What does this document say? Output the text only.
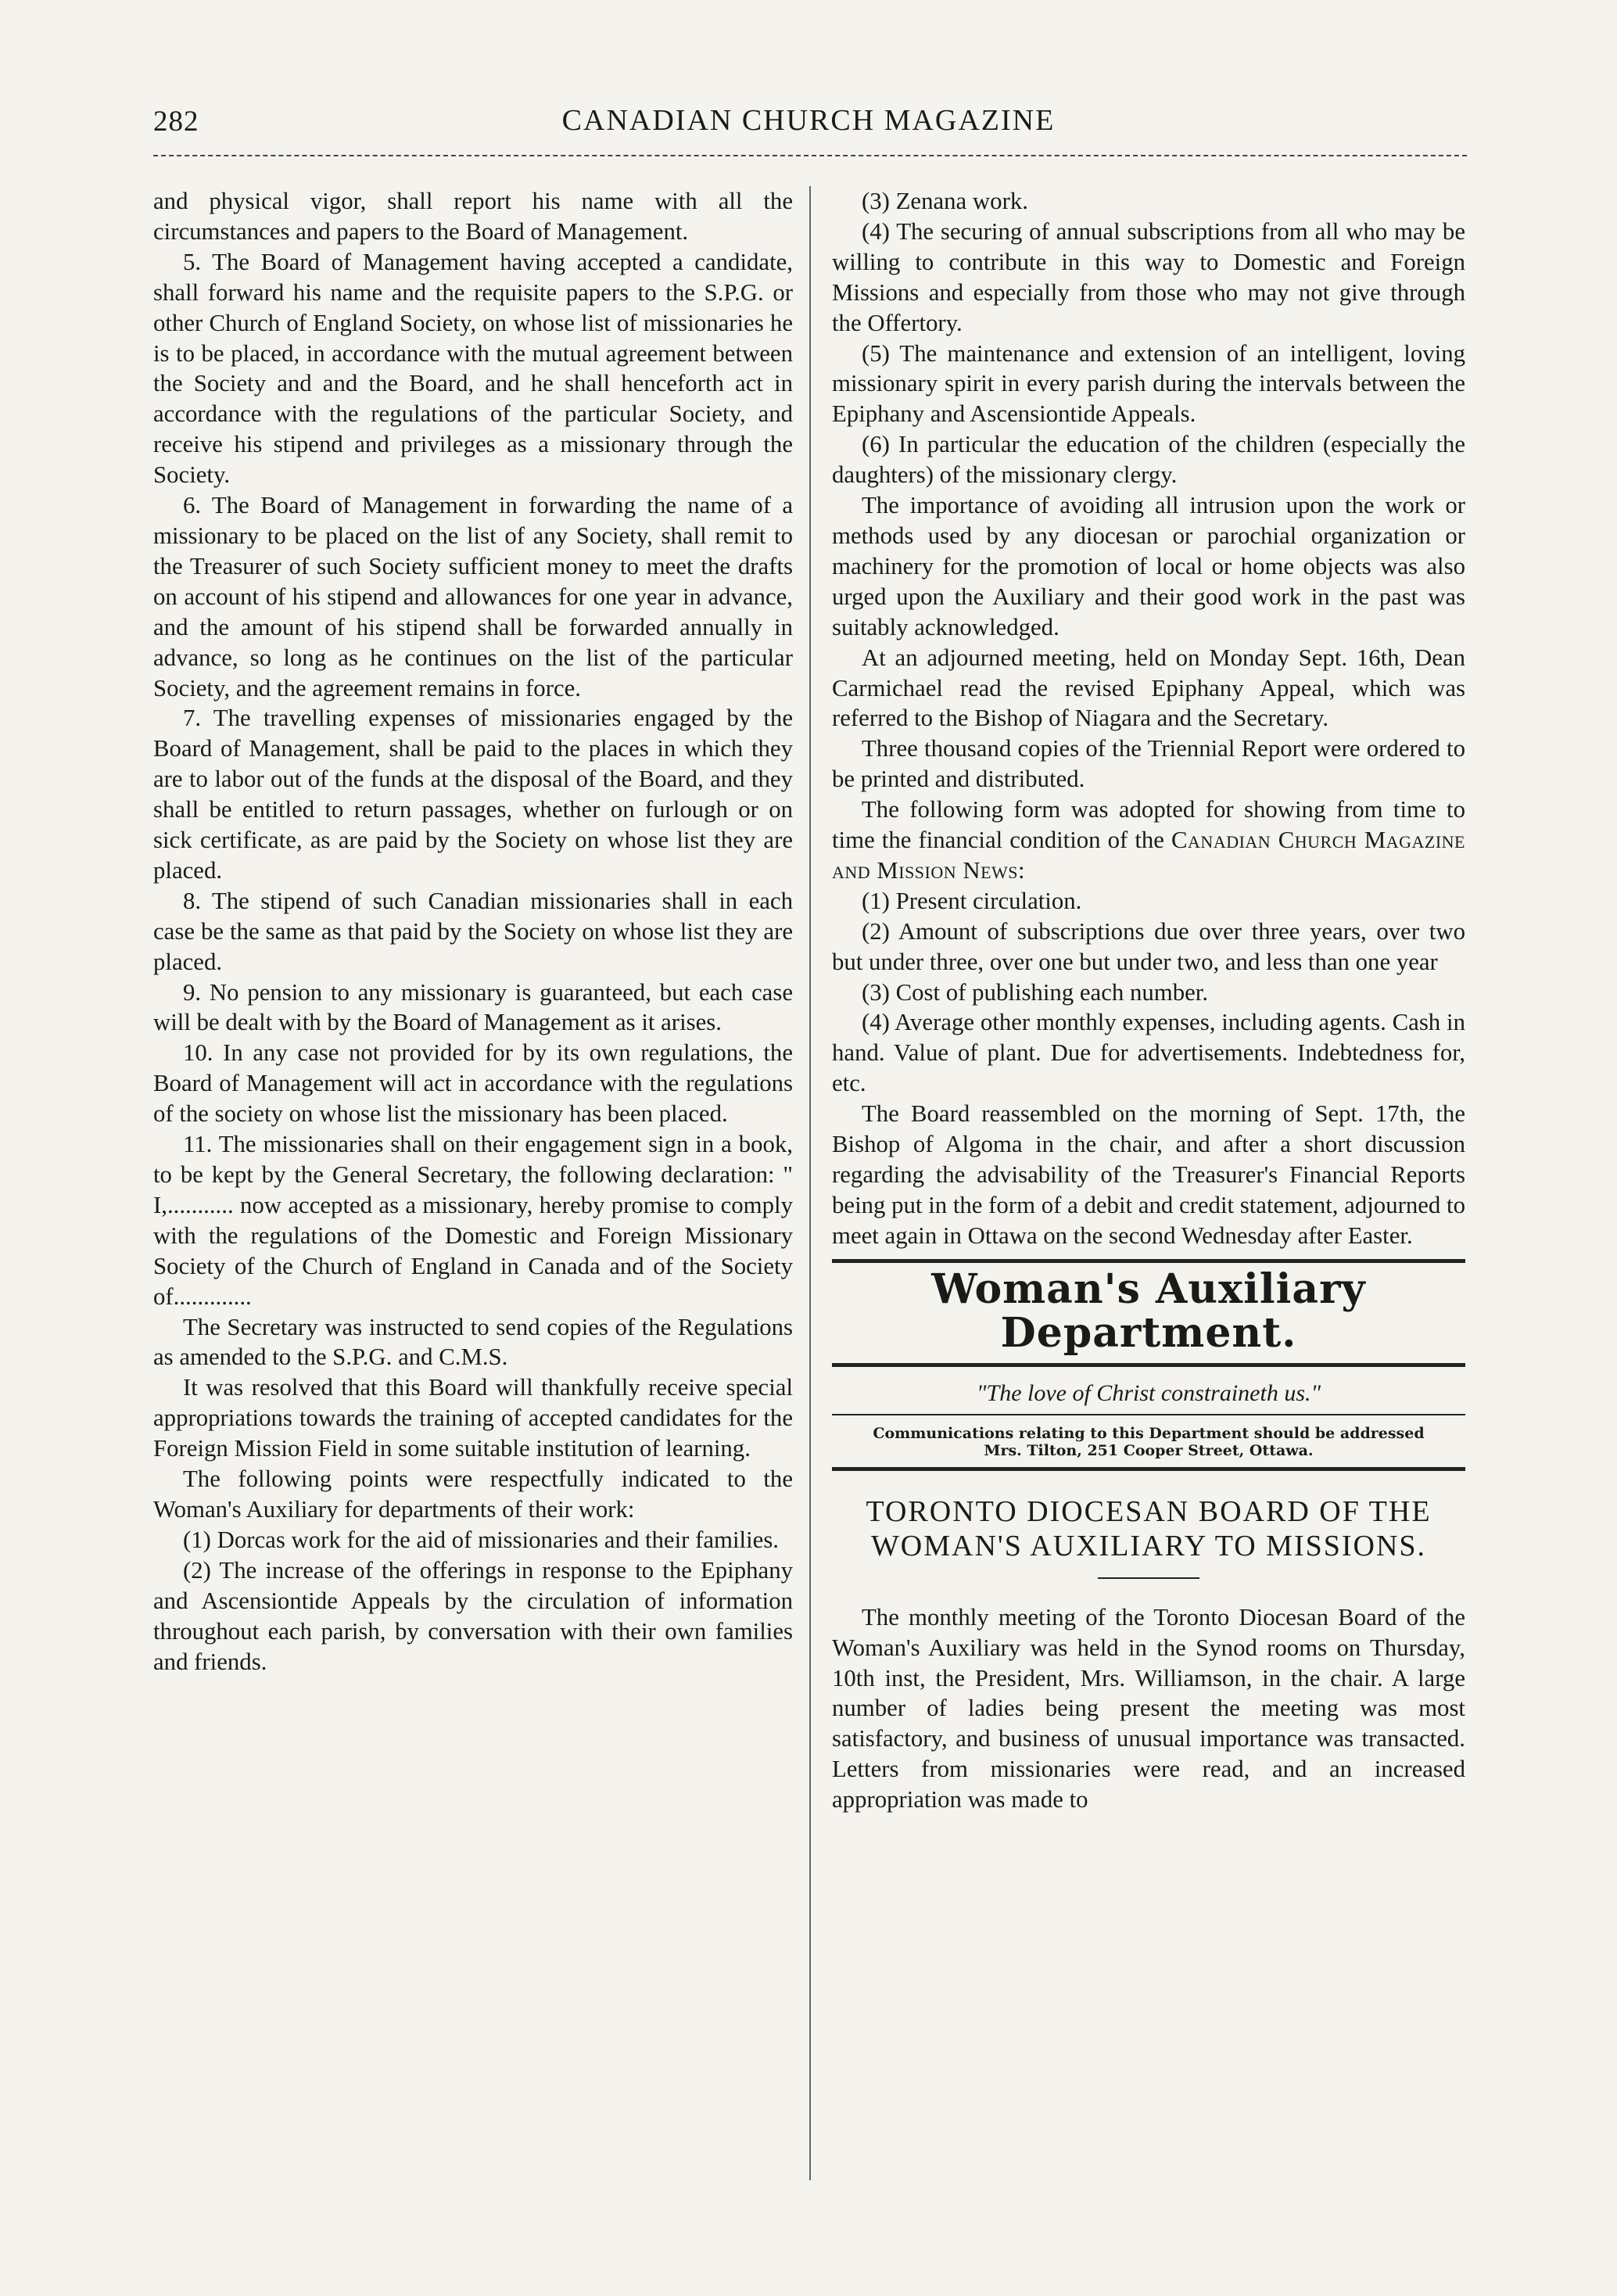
282	CANADIAN CHURCH MAGAZINE

and physical vigor, shall report his name with all the circumstances and papers to the Board of Management.

5. The Board of Management having accepted a candidate, shall forward his name and the requisite papers to the S.P.G. or other Church of England Society, on whose list of missionaries he is to be placed, in accordance with the mutual agreement between the Society and and the Board, and he shall henceforth act in accordance with the regulations of the particular Society, and receive his stipend and privileges as a missionary through the Society.

6. The Board of Management in forwarding the name of a missionary to be placed on the list of any Society, shall remit to the Treasurer of such Society sufficient money to meet the drafts on account of his stipend and allowances for one year in advance, and the amount of his stipend shall be forwarded annually in advance, so long as he continues on the list of the particular Society, and the agreement remains in force.

7. The travelling expenses of missionaries engaged by the Board of Management, shall be paid to the places in which they are to labor out of the funds at the disposal of the Board, and they shall be entitled to return passages, whether on furlough or on sick certificate, as are paid by the Society on whose list they are placed.

8. The stipend of such Canadian missionaries shall in each case be the same as that paid by the Society on whose list they are placed.

9. No pension to any missionary is guaranteed, but each case will be dealt with by the Board of Management as it arises.

10. In any case not provided for by its own regulations, the Board of Management will act in accordance with the regulations of the society on whose list the missionary has been placed.

11. The missionaries shall on their engagement sign in a book, to be kept by the General Secretary, the following declaration: " I,........... now accepted as a missionary, hereby promise to comply with the regulations of the Domestic and Foreign Missionary Society of the Church of England in Canada and of the Society of.............

The Secretary was instructed to send copies of the Regulations as amended to the S.P.G. and C.M.S.

It was resolved that this Board will thankfully receive special appropriations towards the training of accepted candidates for the Foreign Mission Field in some suitable institution of learning.

The following points were respectfully indicated to the Woman's Auxiliary for departments of their work:

(1) Dorcas work for the aid of missionaries and their families.

(2) The increase of the offerings in response to the Epiphany and Ascensiontide Appeals by the circulation of information throughout each parish, by conversation with their own families and friends.

(3) Zenana work.

(4) The securing of annual subscriptions from all who may be willing to contribute in this way to Domestic and Foreign Missions and especially from those who may not give through the Offertory.

(5) The maintenance and extension of an intelligent, loving missionary spirit in every parish during the intervals between the Epiphany and Ascensiontide Appeals.

(6) In particular the education of the children (especially the daughters) of the missionary clergy.

The importance of avoiding all intrusion upon the work or methods used by any diocesan or parochial organization or machinery for the promotion of local or home objects was also urged upon the Auxiliary and their good work in the past was suitably acknowledged.

At an adjourned meeting, held on Monday Sept. 16th, Dean Carmichael read the revised Epiphany Appeal, which was referred to the Bishop of Niagara and the Secretary.

Three thousand copies of the Triennial Report were ordered to be printed and distributed.

The following form was adopted for showing from time to time the financial condition of the Canadian Church Magazine and Mission News:

(1) Present circulation.

(2) Amount of subscriptions due over three years, over two but under three, over one but under two, and less than one year

(3) Cost of publishing each number.

(4) Average other monthly expenses, including agents. Cash in hand. Value of plant. Due for advertisements. Indebtedness for, etc.

The Board reassembled on the morning of Sept. 17th, the Bishop of Algoma in the chair, and after a short discussion regarding the advisability of the Treasurer's Financial Reports being put in the form of a debit and credit statement, adjourned to meet again in Ottawa on the second Wednesday after Easter.

Woman's Auxiliary Department.
"The love of Christ constraineth us."
Communications relating to this Department should be addressed
Mrs. Tilton, 251 Cooper Street, Ottawa.
TORONTO DIOCESAN BOARD OF THE WOMAN'S AUXILIARY TO MISSIONS.

The monthly meeting of the Toronto Diocesan Board of the Woman's Auxiliary was held in the Synod rooms on Thursday, 10th inst, the President, Mrs. Williamson, in the chair. A large number of ladies being present the meeting was most satisfactory, and business of unusual importance was transacted. Letters from missionaries were read, and an increased appropriation was made to
